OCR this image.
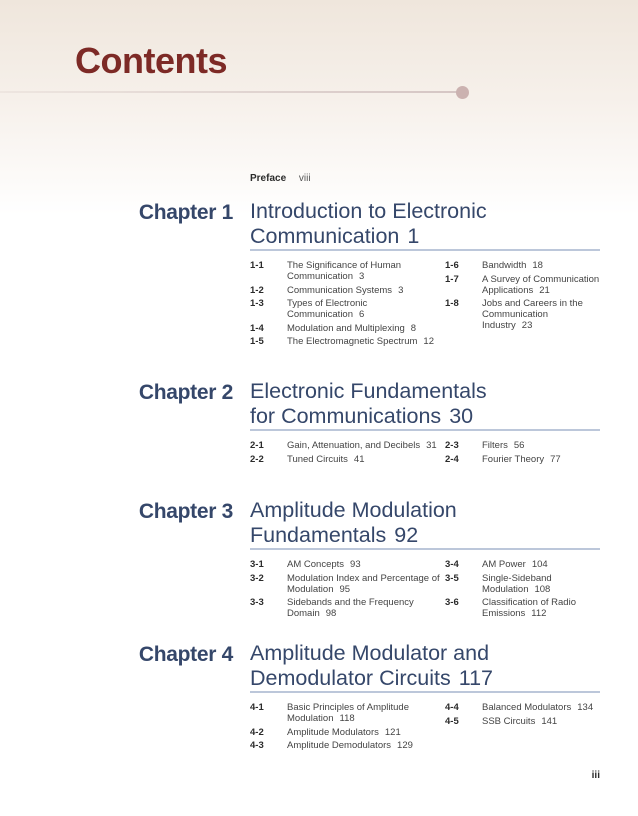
Contents
Preface viii
Chapter 1 Introduction to Electronic
Communication 1
1-1	The Significance of Human Communication 3
1-2	Communication Systems 3
1-3	Types of Electronic Communication 6
1-4	Modulation and Multiplexing 8
1-5	The Electromagnetic Spectrum 12
1-6	Bandwidth 18
1-7	A Survey of Communication Applications 21
1-8	Jobs and Careers in the Communication Industry 23
Chapter 2 Electronic Fundamentals
for Communications 30
2-1	Gain, Attenuation, and Decibels 31
2-2	Tuned Circuits 41
2-3	Filters 56
2-4	Fourier Theory 77
Chapter 3 Amplitude Modulation
Fundamentals 92
3-1	AM Concepts 93
3-2	Modulation Index and Percentage of Modulation 95
3-3	Sidebands and the Frequency Domain 98
3-4	AM Power 104
3-5	Single-Sideband Modulation 108
3-6	Classification of Radio Emissions 112
Chapter 4 Amplitude Modulator and
Demodulator Circuits 117
4-1	Basic Principles of Amplitude Modulation 118
4-2	Amplitude Modulators 121
4-3	Amplitude Demodulators 129
4-4	Balanced Modulators 134
4-5	SSB Circuits 141
iii
